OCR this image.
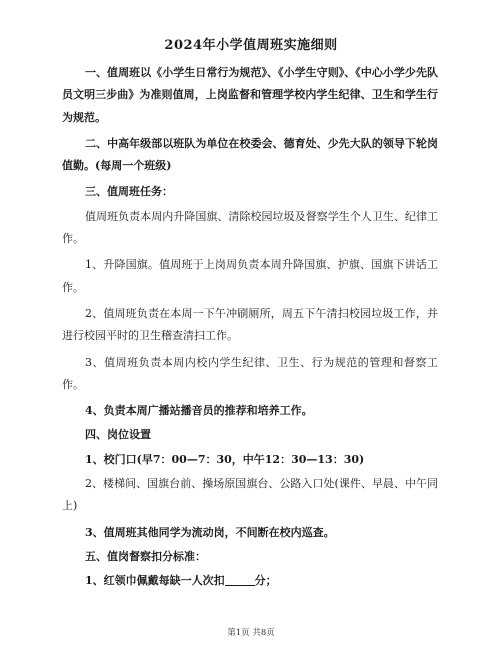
2024年小学值周班实施细则

一、值周班以《小学生日常行为规范》、《小学生守则》、《中心小学少先队员文明三步曲》为准则值周，上岗监督和管理学校内学生纪律、卫生和学生行为规范。

二、中高年级部以班队为单位在校委会、德育处、少先大队的领导下轮岗值勤。(每周一个班级)

三、值周班任务：

值周班负责本周内升降国旗、清除校园垃圾及督察学生个人卫生、纪律工作。

1、升降国旗。值周班于上岗周负责本周升降国旗、护旗、国旗下讲话工作。

2、值周班负责在本周一下午冲刷厕所，周五下午清扫校园垃圾工作，并进行校园平时的卫生稽查清扫工作。

3、值周班负责本周内校内学生纪律、卫生、行为规范的管理和督察工作。

4、负责本周广播站播音员的推荐和培养工作。

四、岗位设置

1、校门口(早7：00—7：30，中午12：30—13：30)

2、楼梯间、国旗台前、操场原国旗台、公路入口处(课件、早晨、中午同上)

3、值周班其他同学为流动岗，不间断在校内巡查。

五、值岗督察扣分标准：

1、红领巾佩戴每缺一人次扣	分；

第1页 共8页
